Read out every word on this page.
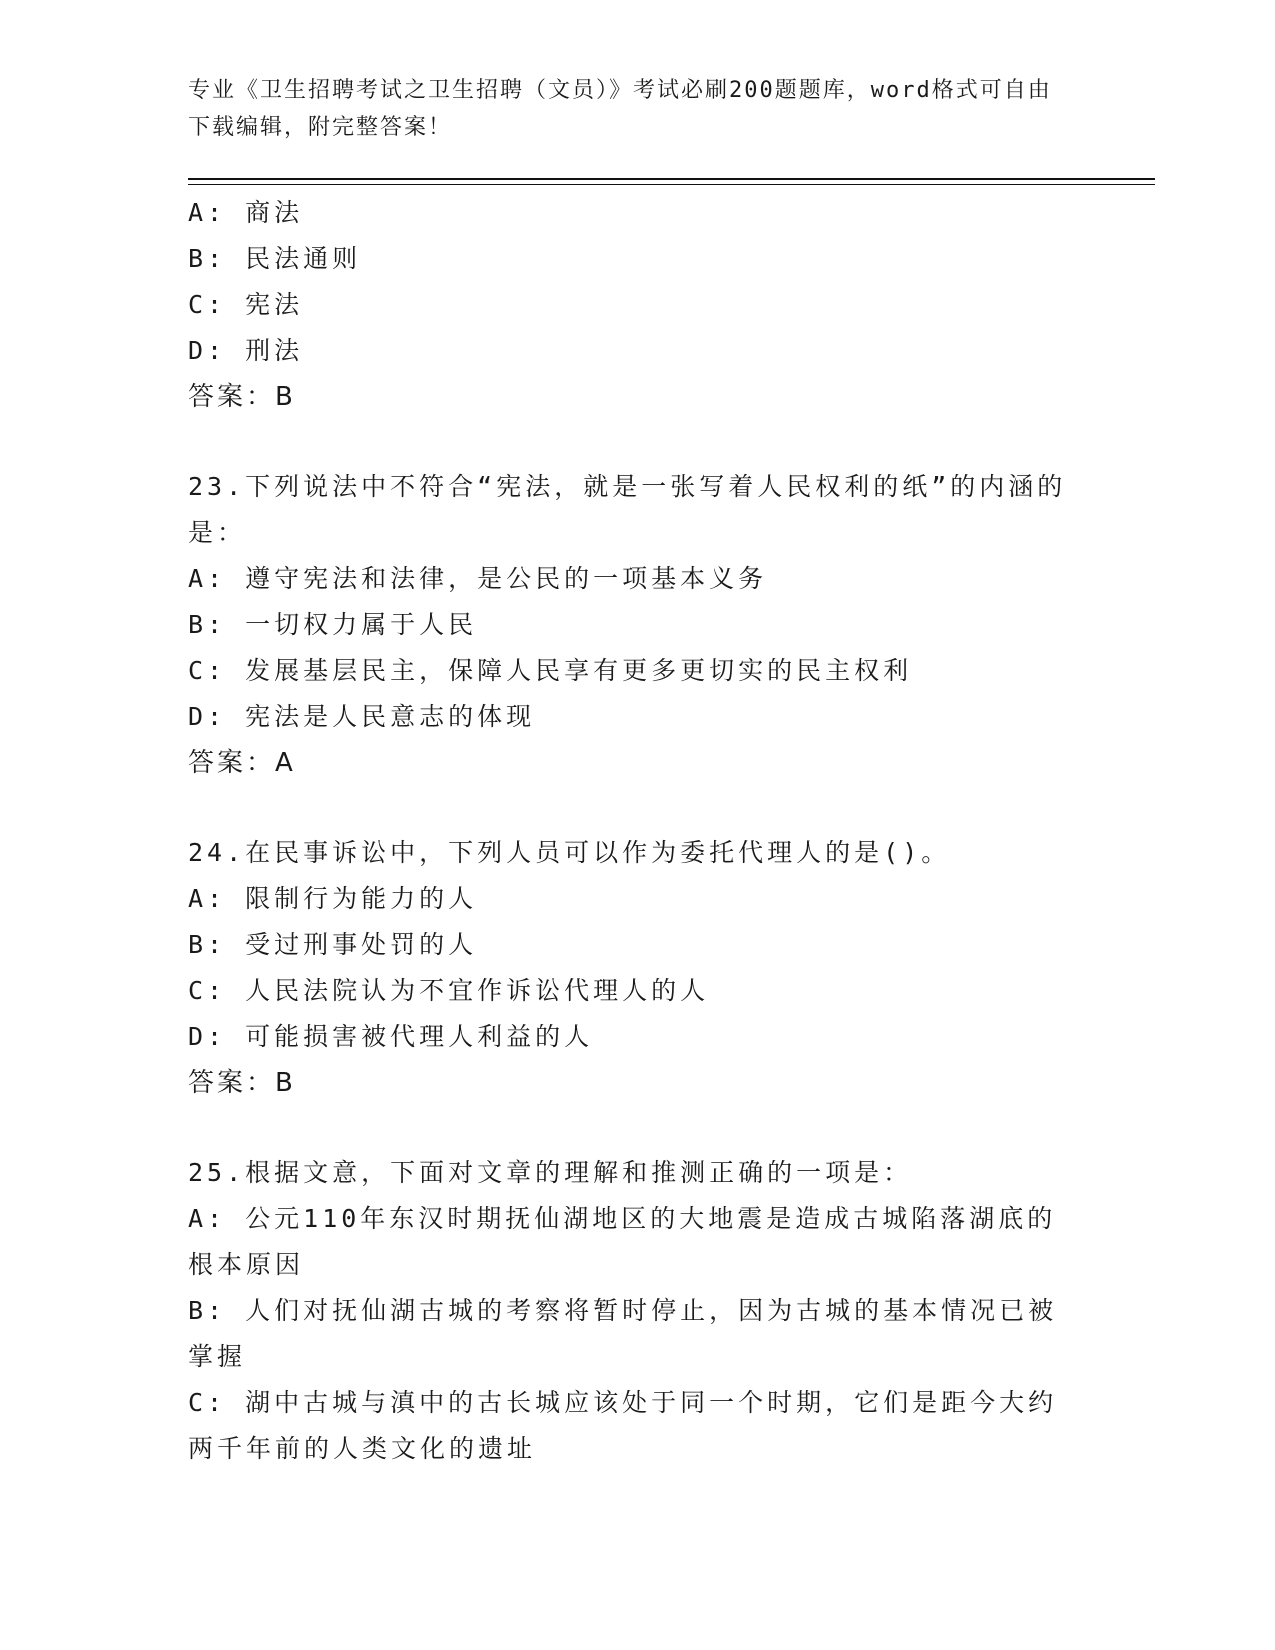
专业《卫生招聘考试之卫生招聘（文员）》考试必刷200题题库，word格式可自由下载编辑，附完整答案！
A: 商法
B: 民法通则
C: 宪法
D: 刑法
答案：B
23.下列说法中不符合“宪法，就是一张写着人民权利的纸”的内涵的是：
A: 遵守宪法和法律，是公民的一项基本义务
B: 一切权力属于人民
C: 发展基层民主，保障人民享有更多更切实的民主权利
D: 宪法是人民意志的体现
答案：A
24.在民事诉讼中，下列人员可以作为委托代理人的是()。
A: 限制行为能力的人
B: 受过刑事处罚的人
C: 人民法院认为不宜作诉讼代理人的人
D: 可能损害被代理人利益的人
答案：B
25.根据文意，下面对文章的理解和推测正确的一项是：
A: 公元110年东汉时期抚仙湖地区的大地震是造成古城陷落湖底的根本原因
B: 人们对抚仙湖古城的考察将暂时停止，因为古城的基本情况已被掌握
C: 湖中古城与滇中的古长城应该处于同一个时期，它们是距今大约两千年前的人类文化的遗址
